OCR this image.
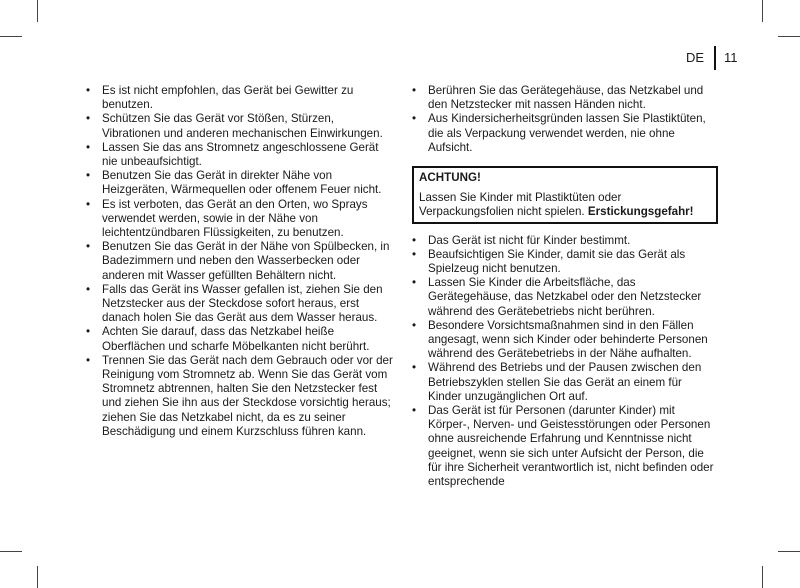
DE 11
• Es ist nicht empfohlen, das Gerät bei Gewitter zu benutzen.
• Schützen Sie das Gerät vor Stößen, Stürzen, Vibrationen und anderen mechanischen Einwirkungen.
• Lassen Sie das ans Stromnetz angeschlossene Gerät nie unbeaufsichtigt.
• Benutzen Sie das Gerät in direkter Nähe von Heizgeräten, Wärmequellen oder offenem Feuer nicht.
• Es ist verboten, das Gerät an den Orten, wo Sprays verwendet werden, sowie in der Nähe von leichtentzündbaren Flüssigkeiten, zu benutzen.
• Benutzen Sie das Gerät in der Nähe von Spülbecken, in Badezimmern und neben den Wasserbecken oder anderen mit Wasser gefüllten Behältern nicht.
• Falls das Gerät ins Wasser gefallen ist, ziehen Sie den Netzstecker aus der Steckdose sofort heraus, erst danach holen Sie das Gerät aus dem Wasser heraus.
• Achten Sie darauf, dass das Netzkabel heiße Oberflächen und scharfe Möbelkanten nicht berührt.
• Trennen Sie das Gerät nach dem Gebrauch oder vor der Reinigung vom Stromnetz ab. Wenn Sie das Gerät vom Stromnetz abtrennen, halten Sie den Netzstecker fest und ziehen Sie ihn aus der Steckdose vorsichtig heraus; ziehen Sie das Netzkabel nicht, da es zu seiner Beschädigung und einem Kurzschluss führen kann.
• Berühren Sie das Gerätegehäuse, das Netzkabel und den Netzstecker mit nassen Händen nicht.
• Aus Kindersicherheitsgründen lassen Sie Plastiktüten, die als Verpackung verwendet werden, nie ohne Aufsicht.
ACHTUNG!
Lassen Sie Kinder mit Plastiktüten oder Verpackungsfolien nicht spielen. Erstickungsgefahr!
• Das Gerät ist nicht für Kinder bestimmt.
• Beaufsichtigen Sie Kinder, damit sie das Gerät als Spielzeug nicht benutzen.
• Lassen Sie Kinder die Arbeitsfläche, das Gerätegehäuse, das Netzkabel oder den Netzstecker während des Gerätebetriebs nicht berühren.
• Besondere Vorsichtsmaßnahmen sind in den Fällen angesagt, wenn sich Kinder oder behinderte Personen während des Gerätebetriebs in der Nähe aufhalten.
• Während des Betriebs und der Pausen zwischen den Betriebszyklen stellen Sie das Gerät an einem für Kinder unzugänglichen Ort auf.
• Das Gerät ist für Personen (darunter Kinder) mit Körper-, Nerven- und Geistesstörungen oder Personen ohne ausreichende Erfahrung und Kenntnisse nicht geeignet, wenn sie sich unter Aufsicht der Person, die für ihre Sicherheit verantwortlich ist, nicht befinden oder entsprechende
